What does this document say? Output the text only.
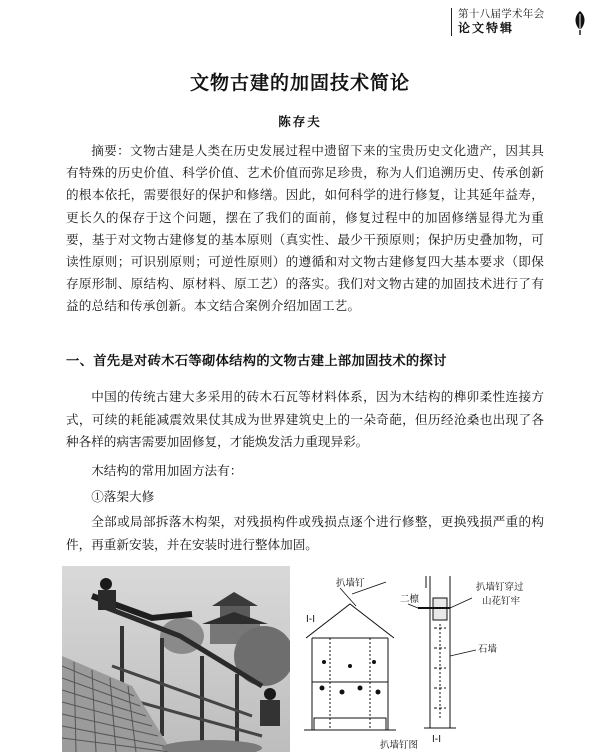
第十八届学术年会
论文特辑
文物古建的加固技术简论
陈存夫

摘要：文物古建是人类在历史发展过程中遗留下来的宝贵历史文化遗产，因其具有特殊的历史价值、科学价值、艺术价值而弥足珍贵，称为人们追溯历史、传承创新的根本依托，需要很好的保护和修缮。因此，如何科学的进行修复，让其延年益寿，更长久的保存于这个问题，摆在了我们的面前，修复过程中的加固修缮显得尤为重要，基于对文物古建修复的基本原则（真实性、最少干预原则；保护历史叠加物，可读性原则；可识别原则；可逆性原则）的遵循和对文物古建修复四大基本要求（即保存原形制、原结构、原材料、原工艺）的落实。我们对文物古建的加固技术进行了有益的总结和传承创新。本文结合案例介绍加固工艺。

一、首先是对砖木石等砌体结构的文物古建上部加固技术的探讨

中国的传统古建大多采用的砖木石瓦等材料体系，因为木结构的榫卯柔性连接方式，可续的耗能减震效果仗其成为世界建筑史上的一朵奇葩，但历经沧桑也出现了各种各样的病害需要加固修复，才能焕发活力重现异彩。

木结构的常用加固方法有：
①落架大修

全部或局部拆落木构架，对残损构件或残损点逐个进行修整，更换残损严重的构件，再重新安装，并在安装时进行整体加固。

扒墙钉
I-I
二檩
扒墙钉穿过
山花钉牢
石墙
I-I
扒墙钉图
